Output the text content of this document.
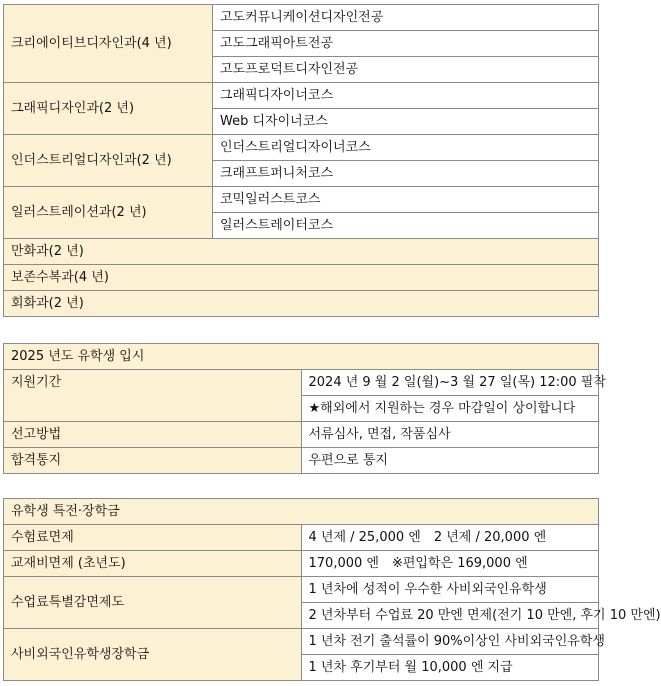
크리에이티브디자인과(4 년)	고도커뮤니케이션디자인전공
	고도그래픽아트전공
	고도프로덕트디자인전공
그래픽디자인과(2 년)	그래픽디자이너코스
	Web 디자이너코스
인더스트리얼디자인과(2 년)	인더스트리얼디자이너코스
	크래프트퍼니처코스
일러스트레이션과(2 년)	코믹일러스트코스
	일러스트레이터코스
만화과(2 년)	
보존수복과(4 년)	
회화과(2 년)	
2025 년도 유학생 입시	
지원기간	2024 년 9 월 2 일(월)~3 월 27 일(목) 12:00 필착
	★해외에서 지원하는 경우 마감일이 상이합니다
선고방법	서류심사, 면접, 작품심사
합격통지	우편으로 통지
유학생 특전·장학금	
수험료면제	4 년제 / 25,000 엔　2 년제 / 20,000 엔
교재비면제 (초년도)	170,000 엔　※편입학은 169,000 엔
수업료특별감면제도	1 년차에 성적이 우수한 사비외국인유학생
	2 년차부터 수업료 20 만엔 면제(전기 10 만엔, 후기 10 만엔)
사비외국인유학생장학금	1 년차 전기 출석률이 90%이상인 사비외국인유학생
	1 년차 후기부터 월 10,000 엔 지급
